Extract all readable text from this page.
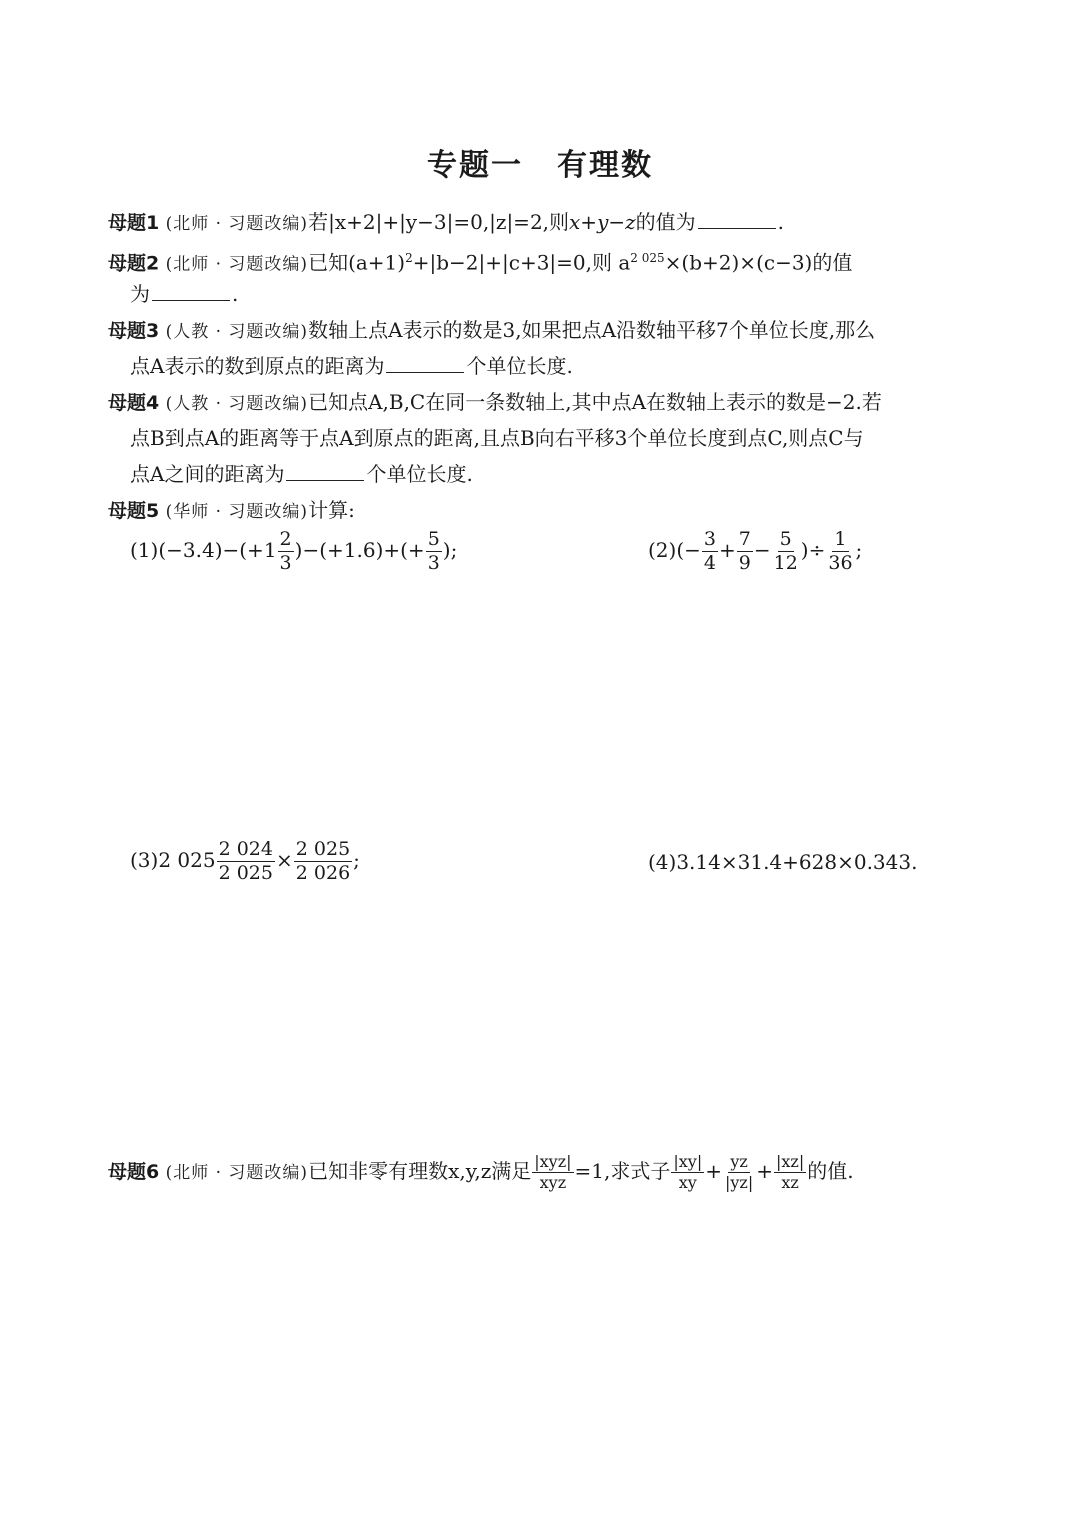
专题一 有理数
母题1 (北师 · 习题改编)若|x+2|+|y−3|=0,|z|=2,则x+y−z的值为	.
母题2 (北师 · 习题改编)已知$(a+1)^2+|b-2|+|c+3|=0$,则 $a^{2 025}\times(b+2)\times(c-3)$的值
为	.
母题3 (人教 · 习题改编)数轴上点A表示的数是3,如果把点A沿数轴平移7个单位长度,那么
点A表示的数到原点的距离为	个单位长度.
母题4 (人教 · 习题改编)已知点A,B,C在同一条数轴上,其中点A在数轴上表示的数是−2.若
点B到点A的距离等于点A到原点的距离,且点B向右平移3个单位长度到点C,则点C与
点A之间的距离为	个单位长度.
母题5 (华师 · 习题改编)计算:
$(1)(-3.4)-(+1 \frac{2}{3} )-(+1.6)+(+ \frac{5}{3}$ );	$(2)(- \frac{3}{4} + \frac{7}{9} - \frac{5}{12}$ )÷ $\frac{1}{36}$ ;
(3)2 $025 \frac{2 024}{2 025} \times \frac{2 025}{2 026}$ ;	(4)3.14×31.4+628×0.343.
母题6 (北师 · 习题改编)已知非零有理数x,y,z满足 $\frac{\text{|xyz|}}{\text{xyz}} =1$,求式子 $\frac{|xy|}{xy} + \frac{yz}{|yz|} + \frac{|xz|}{xz}$ 的值.
